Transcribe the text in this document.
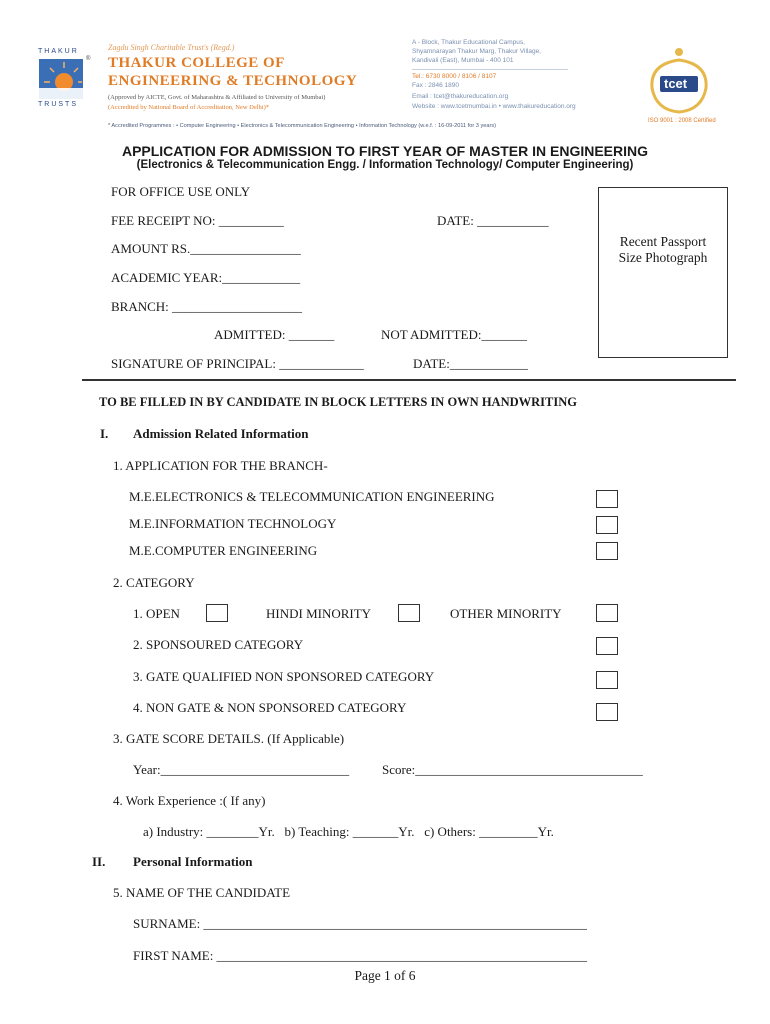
THAKUR
®
TRUSTS
Zagdu Singh Charitable Trust's (Regd.)
THAKUR COLLEGE OF
ENGINEERING & TECHNOLOGY
(Approved by AICTE, Govt. of Maharashtra & Affiliated to University of Mumbai)
(Accredited by National Board of Accreditation, New Delhi)*
A - Block, Thakur Educational Campus,
Shyamnarayan Thakur Marg, Thakur Village,
Kandivali (East), Mumbai - 400 101
Tel.: 6730 8000 / 8106 / 8107
Fax : 2846 1890
Email : tcet@thakureducation.org
Website : www.tcetmumbai.in • www.thakureducation.org
tcet
ISO 9001 : 2008 Certified
* Accredited Programmes : • Computer Engineering • Electronics & Telecommunication Engineering • Information Technology (w.e.f. : 16-09-2011 for 3 years)
APPLICATION FOR ADMISSION TO FIRST YEAR OF MASTER IN ENGINEERING
(Electronics & Telecommunication Engg. / Information Technology/ Computer Engineering)
FOR OFFICE USE ONLY
FEE RECEIPT NO: __________	DATE: ___________
AMOUNT RS._________________
ACADEMIC YEAR:____________
BRANCH: ____________________
ADMITTED: _______	NOT ADMITTED:_______
SIGNATURE OF PRINCIPAL: _____________	DATE:____________
Recent Passport Size Photograph
TO BE FILLED IN BY CANDIDATE IN BLOCK LETTERS IN OWN HANDWRITING
I. Admission Related Information
1. APPLICATION FOR THE BRANCH-
M.E.ELECTRONICS & TELECOMMUNICATION ENGINEERING
M.E.INFORMATION TECHNOLOGY
M.E.COMPUTER ENGINEERING
2. CATEGORY
1. OPEN	HINDI MINORITY	OTHER MINORITY
2. SPONSOURED CATEGORY
3. GATE QUALIFIED NON SPONSORED CATEGORY
4. NON GATE & NON SPONSORED CATEGORY
3. GATE SCORE DETAILS. (If Applicable)
Year:_____________________________	Score:___________________________________
4. Work Experience :( If any)
a) Industry: ________Yr.   b) Teaching: _______Yr.   c) Others: _________Yr.
II. Personal Information
5. NAME OF THE CANDIDATE
SURNAME: ___________________________________________________________
FIRST NAME: _________________________________________________________
Page 1 of 6
